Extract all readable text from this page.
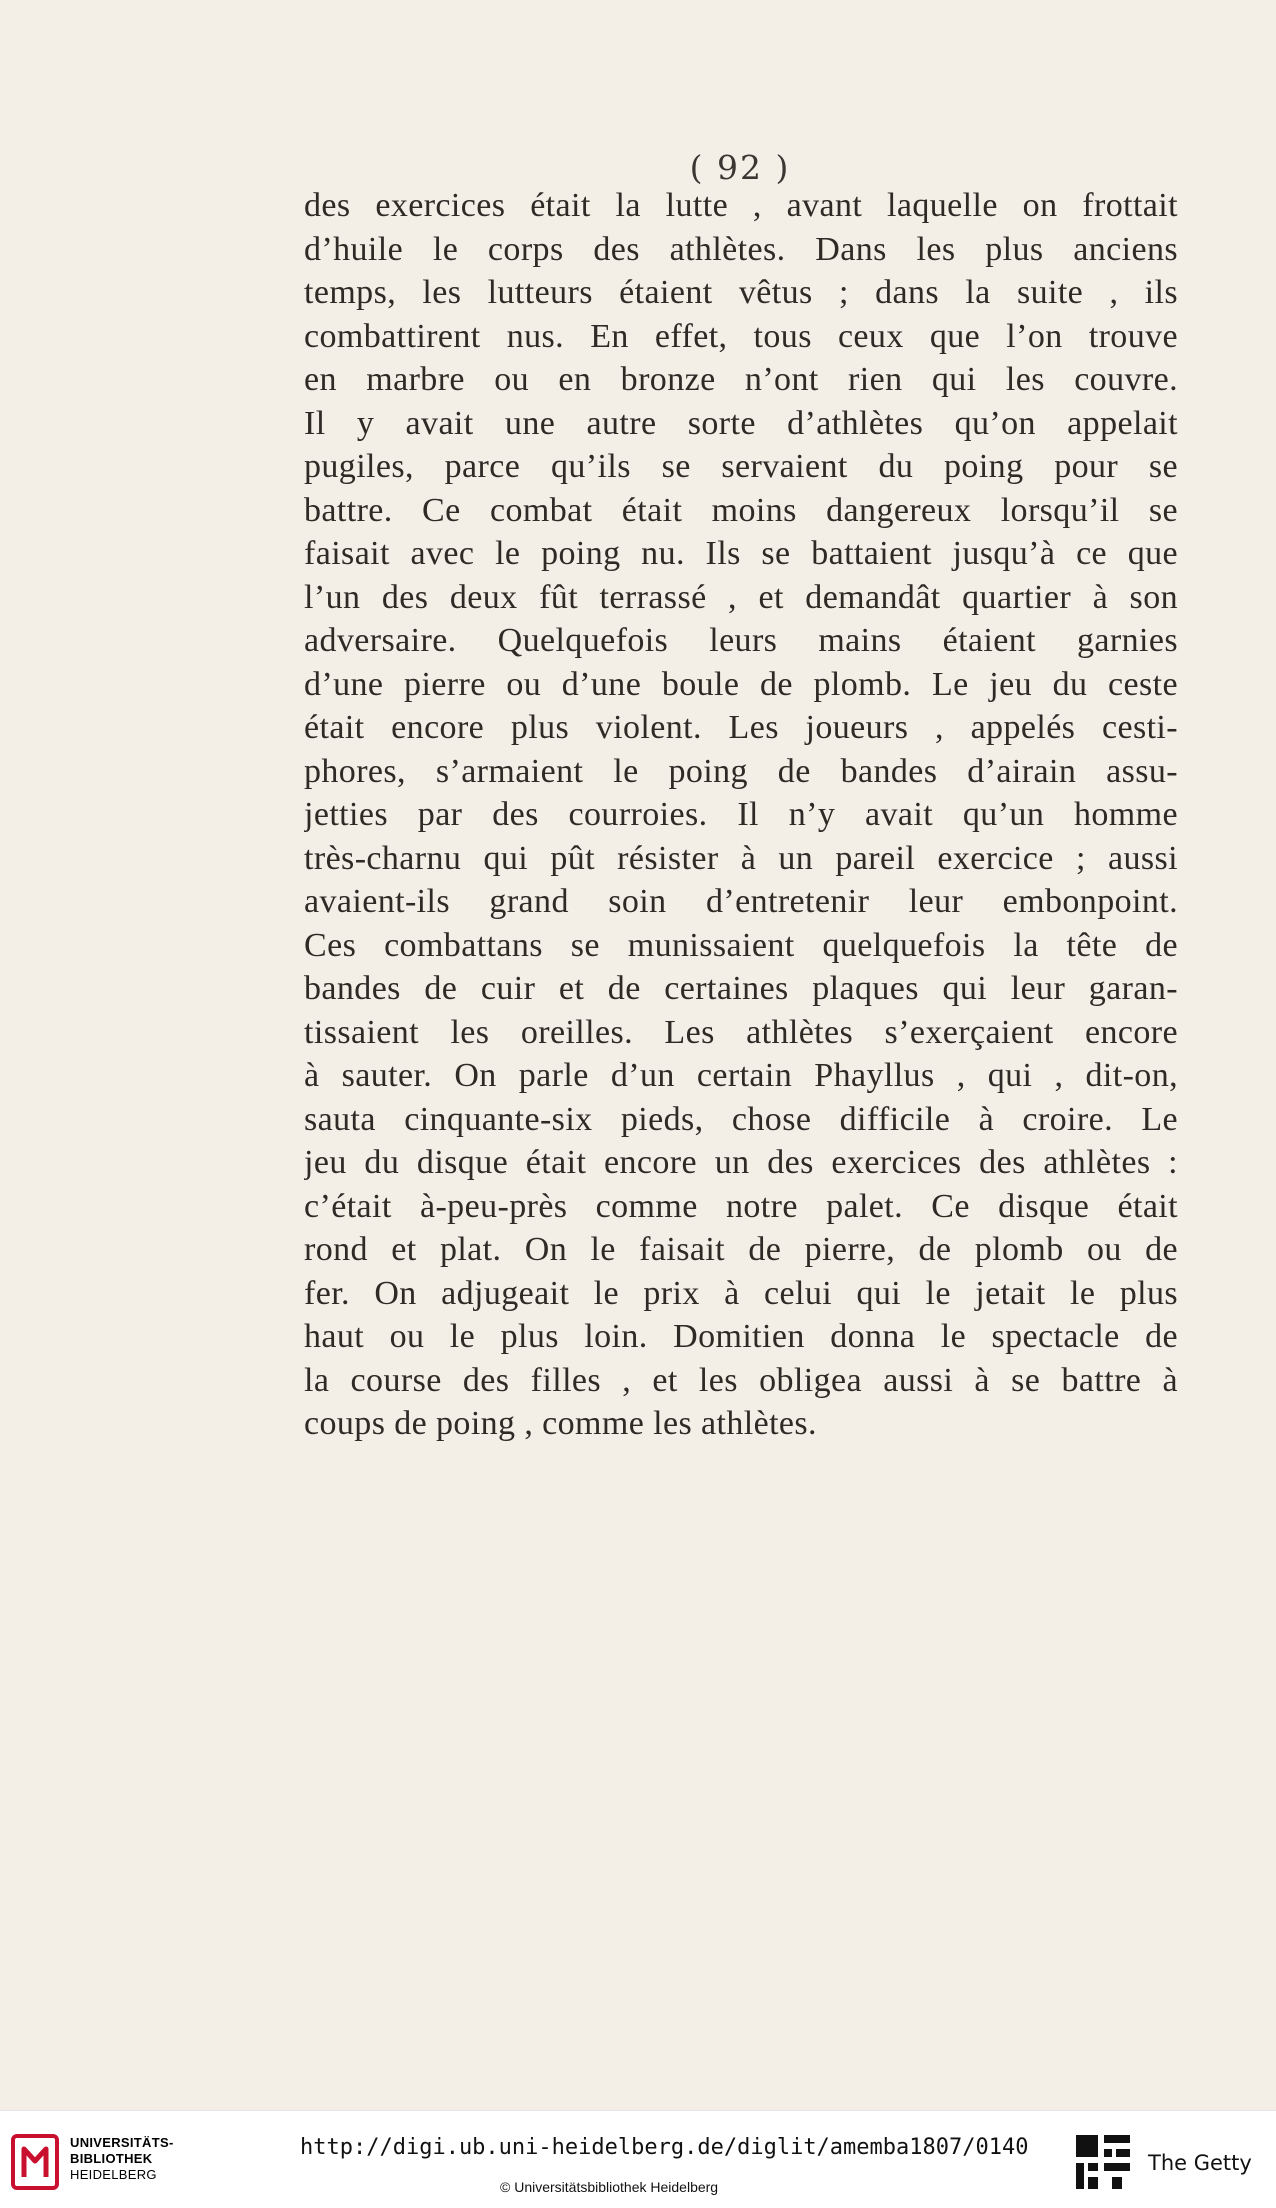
( 92 )
des exercices était la lutte , avant laquelle on frottait
d’huile le corps des athlètes. Dans les plus anciens
temps, les lutteurs étaient vêtus ; dans la suite , ils
combattirent nus. En effet, tous ceux que l’on trouve
en marbre ou en bronze n’ont rien qui les couvre.
Il y avait une autre sorte d’athlètes qu’on appelait
pugiles, parce qu’ils se servaient du poing pour se
battre. Ce combat était moins dangereux lorsqu’il se
faisait avec le poing nu. Ils se battaient jusqu’à ce que
l’un des deux fût terrassé , et demandât quartier à son
adversaire. Quelquefois leurs mains étaient garnies
d’une pierre ou d’une boule de plomb. Le jeu du ceste
était encore plus violent. Les joueurs , appelés cesti-
phores, s’armaient le poing de bandes d’airain assu-
jetties par des courroies. Il n’y avait qu’un homme
très-charnu qui pût résister à un pareil exercice ; aussi
avaient-ils grand soin d’entretenir leur embonpoint.
Ces combattans se munissaient quelquefois la tête de
bandes de cuir et de certaines plaques qui leur garan-
tissaient les oreilles. Les athlètes s’exerçaient encore
à sauter. On parle d’un certain Phayllus , qui , dit-on,
sauta cinquante-six pieds, chose difficile à croire. Le
jeu du disque était encore un des exercices des athlètes :
c’était à-peu-près comme notre palet. Ce disque était
rond et plat. On le faisait de pierre, de plomb ou de
fer. On adjugeait le prix à celui qui le jetait le plus
haut ou le plus loin. Domitien donna le spectacle de
la course des filles , et les obligea aussi à se battre à
coups de poing , comme les athlètes.
UNIVERSITÄTS-
BIBLIOTHEK
HEIDELBERG
http://digi.ub.uni-heidelberg.de/diglit/amemba1807/0140
© Universitätsbibliothek Heidelberg
The Getty
